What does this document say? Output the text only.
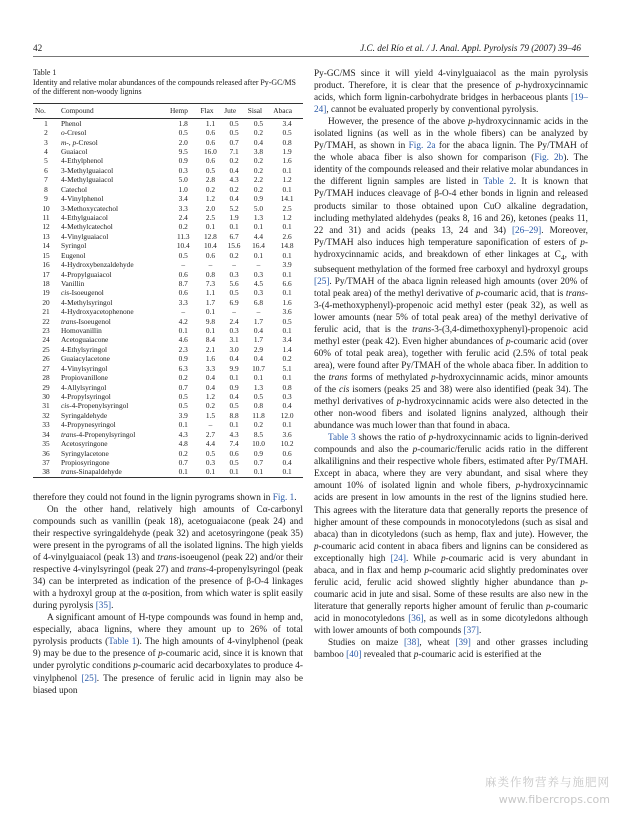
42	J.C. del Río et al. / J. Anal. Appl. Pyrolysis 79 (2007) 39–46
Table 1
Identity and relative molar abundances of the compounds released after Py-GC/MS of the different non-woody lignins
No.	Compound	Hemp	Flax	Jute	Sisal	Abaca
1	Phenol	1.8	1.1	0.5	0.5	3.4
2	o-Cresol	0.5	0.6	0.5	0.2	0.5
3	m-, p-Cresol	2.0	0.6	0.7	0.4	0.8
4	Guaiacol	9.5	16.0	7.1	3.8	1.9
5	4-Ethylphenol	0.9	0.6	0.2	0.2	1.6
6	3-Methylguaiacol	0.3	0.5	0.4	0.2	0.1
7	4-Methylguaiacol	5.0	2.8	4.3	2.2	1.2
8	Catechol	1.0	0.2	0.2	0.2	0.1
9	4-Vinylphenol	3.4	1.2	0.4	0.9	14.1
10	3-Methoxycatechol	3.3	2.0	5.2	5.0	2.5
11	4-Ethylguaiacol	2.4	2.5	1.9	1.3	1.2
12	4-Methylcatechol	0.2	0.1	0.1	0.1	0.1
13	4-Vinylguaiacol	11.3	12.8	6.7	4.4	2.6
14	Syringol	10.4	10.4	15.6	16.4	14.8
15	Eugenol	0.5	0.6	0.2	0.1	0.1
16	4-Hydroxybenzaldehyde	–	–	–	–	3.9
17	4-Propylguaiacol	0.6	0.8	0.3	0.3	0.1
18	Vanillin	8.7	7.3	5.6	4.5	6.6
19	cis-Isoeugenol	0.6	1.1	0.5	0.3	0.1
20	4-Methylsyringol	3.3	1.7	6.9	6.8	1.6
21	4-Hydroxyacetophenone	–	0.1	–	–	3.6
22	trans-Isoeugenol	4.2	9.8	2.4	1.7	0.5
23	Homovanillin	0.1	0.1	0.3	0.4	0.1
24	Acetoguaiacone	4.6	8.4	3.1	1.7	3.4
25	4-Ethylsyringol	2.3	2.1	3.0	2.9	1.4
26	Guaiacylacetone	0.9	1.6	0.4	0.4	0.2
27	4-Vinylsyringol	6.3	3.3	9.9	10.7	5.1
28	Propiovanillone	0.2	0.4	0.1	0.1	0.1
29	4-Allylsyringol	0.7	0.4	0.9	1.3	0.8
30	4-Propylsyringol	0.5	1.2	0.4	0.5	0.3
31	cis-4-Propenylsyringol	0.5	0.2	0.5	0.8	0.4
32	Syringaldehyde	3.9	1.5	8.8	11.8	12.0
33	4-Propynesyringol	0.1	–	0.1	0.2	0.1
34	trans-4-Propenylsyringol	4.3	2.7	4.3	8.5	3.6
35	Acetosyringone	4.8	4.4	7.4	10.0	10.2
36	Syringylacetone	0.2	0.5	0.6	0.9	0.6
37	Propiosyringone	0.7	0.3	0.5	0.7	0.4
38	trans-Sinapaldehyde	0.1	0.1	0.1	0.1	0.1

therefore they could not found in the lignin pyrograms shown in Fig. 1.

On the other hand, relatively high amounts of Cα-carbonyl compounds such as vanillin (peak 18), acetoguaiacone (peak 24) and their respective syringaldehyde (peak 32) and acetosyringone (peak 35) were present in the pyrograms of all the isolated lignins. The high yields of 4-vinylguaiacol (peak 13) and trans-isoeugenol (peak 22) and/or their respective 4-vinylsyringol (peak 27) and trans-4-propenylsyringol (peak 34) can be interpreted as indication of the presence of β-O-4 linkages with a hydroxyl group at the α-position, from which water is split easily during pyrolysis [35].

A significant amount of H-type compounds was found in hemp and, especially, abaca lignins, where they amount up to 26% of total pyrolysis products (Table 1). The high amounts of 4-vinylphenol (peak 9) may be due to the presence of p-coumaric acid, since it is known that under pyrolytic conditions p-coumaric acid decarboxylates to produce 4-vinylphenol [25]. The presence of ferulic acid in lignin may also be biased upon

Py-GC/MS since it will yield 4-vinylguaiacol as the main pyrolysis product. Therefore, it is clear that the presence of p-hydroxycinnamic acids, which form lignin-carbohydrate bridges in herbaceous plants [19–24], cannot be evaluated properly by conventional pyrolysis.

However, the presence of the above p-hydroxycinnamic acids in the isolated lignins (as well as in the whole fibers) can be analyzed by Py/TMAH, as shown in Fig. 2a for the abaca lignin. The Py/TMAH of the whole abaca fiber is also shown for comparison (Fig. 2b). The identity of the compounds released and their relative molar abundances in the different lignin samples are listed in Table 2. It is known that Py/TMAH induces cleavage of β-O-4 ether bonds in lignin and released products similar to those obtained upon CuO alkaline degradation, including methylated aldehydes (peaks 8, 16 and 26), ketones (peaks 11, 22 and 31) and acids (peaks 13, 24 and 34) [26–29]. Moreover, Py/TMAH also induces high temperature saponification of esters of p-hydroxycinnamic acids, and breakdown of ether linkages at $C_4$, with subsequent methylation of the formed free carboxyl and hydroxyl groups [25]. Py/TMAH of the abaca lignin released high amounts (over 20% of total peak area) of the methyl derivative of p-coumaric acid, that is trans-3-(4-methoxyphenyl)-propenoic acid methyl ester (peak 32), as well as lower amounts (near 5% of total peak area) of the methyl derivative of ferulic acid, that is the trans-3-(3,4-dimethoxyphenyl)-propenoic acid methyl ester (peak 42). Even higher abundances of p-coumaric acid (over 60% of total peak area), together with ferulic acid (2.5% of total peak area), were found after Py/TMAH of the whole abaca fiber. In addition to the trans forms of methylated p-hydroxycinnamic acids, minor amounts of the cis isomers (peaks 25 and 38) were also identified (peak 34). The methyl derivatives of p-hydroxycinnamic acids were also detected in the other non-wood fibers and isolated lignins analyzed, although their abundance was much lower than that found in abaca.

Table 3 shows the ratio of p-hydroxycinnamic acids to lignin-derived compounds and also the p-coumaric/ferulic acids ratio in the different alkalilignins and their respective whole fibers, estimated after Py/TMAH. Except in abaca, where they are very abundant, and sisal where they amount 10% of isolated lignin and whole fibers, p-hydroxycinnamic acids are present in low amounts in the rest of the lignins studied here. This agrees with the literature data that generally reports the presence of higher amount of these compounds in monocotyledons (such as sisal and abaca) than in dicotyledons (such as hemp, flax and jute). However, the p-coumaric acid content in abaca fibers and lignins can be considered as exceptionally high [24]. While p-coumaric acid is very abundant in abaca, and in flax and hemp p-coumaric acid slightly predominates over ferulic acid, ferulic acid showed slightly higher abundance than p-coumaric acid in jute and sisal. Some of these results are also new in the literature that generally reports higher amount of ferulic than p-coumaric acid in monocotyledons [36], as well as in some dicotyledons although with lower amounts of both compounds [37].

Studies on maize [38], wheat [39] and other grasses including bamboo [40] revealed that p-coumaric acid is esterified at the

麻类作物营养与施肥网
www.fibercrops.com
